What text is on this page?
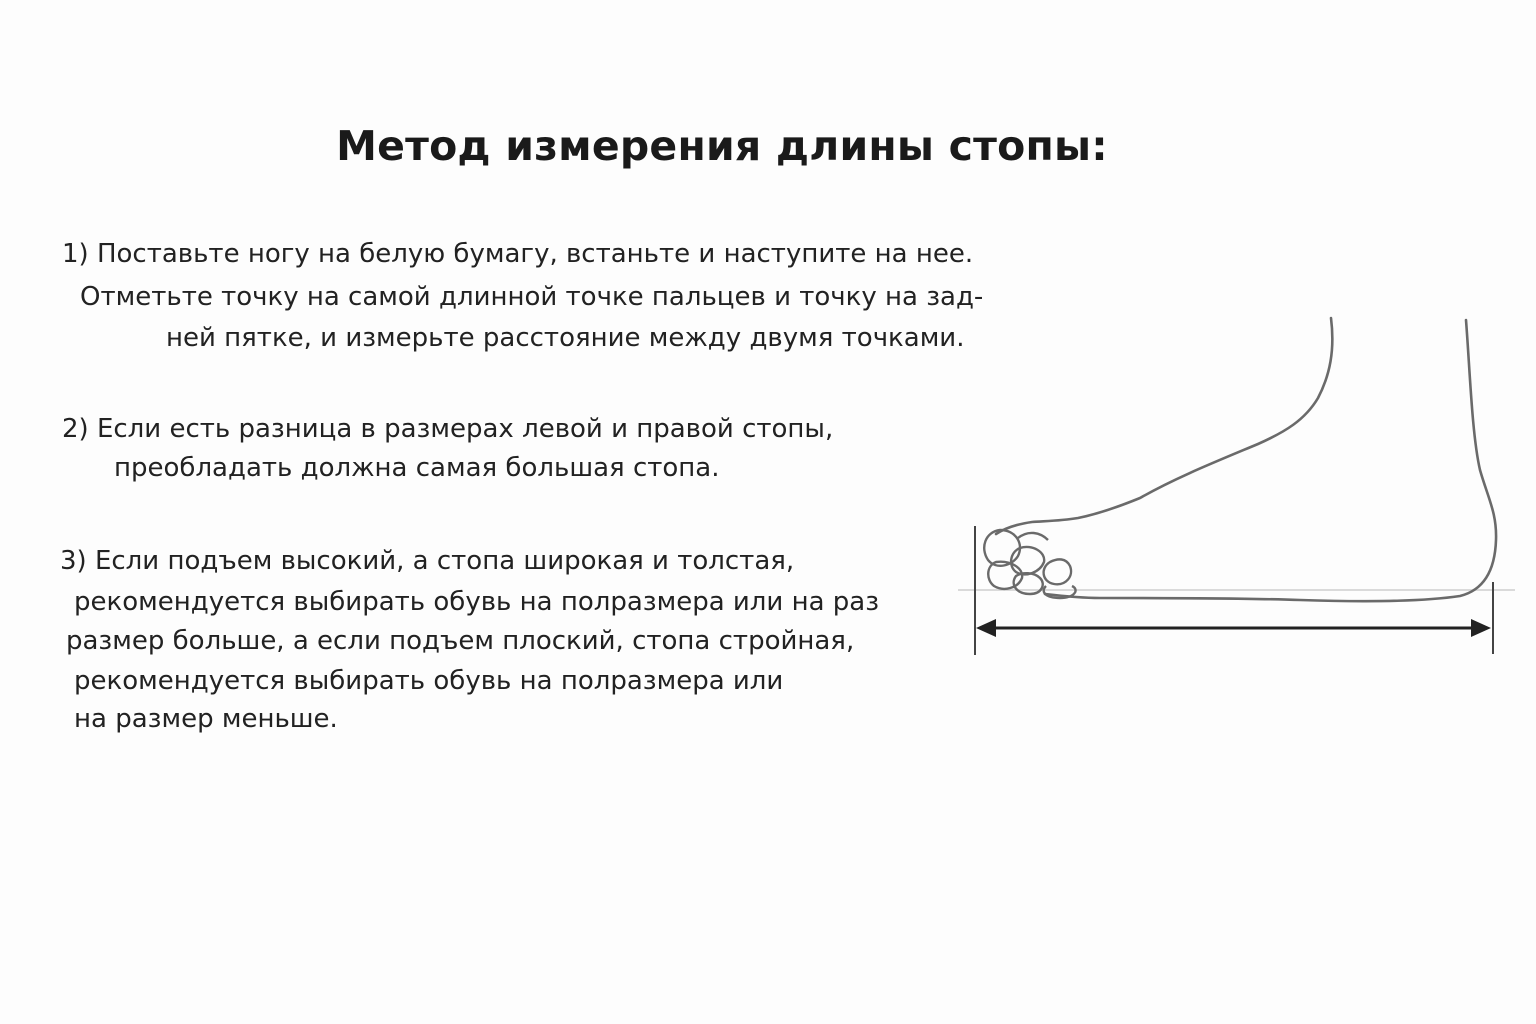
Метод измерения длины стопы:
1) Поставьте ногу на белую бумагу, встаньте и наступите на нее.
Отметьте точку на самой длинной точке пальцев и точку на зад-
ней пятке, и измерьте расстояние между двумя точками.
2) Если есть разница в размерах левой и правой стопы,
преобладать должна самая большая стопа.
3) Если подъем высокий, а стопа широкая и толстая,
рекомендуется выбирать обувь на полразмера или на раз
размер больше, а если подъем плоский, стопа стройная,
рекомендуется выбирать обувь на полразмера или
на размер меньше.
